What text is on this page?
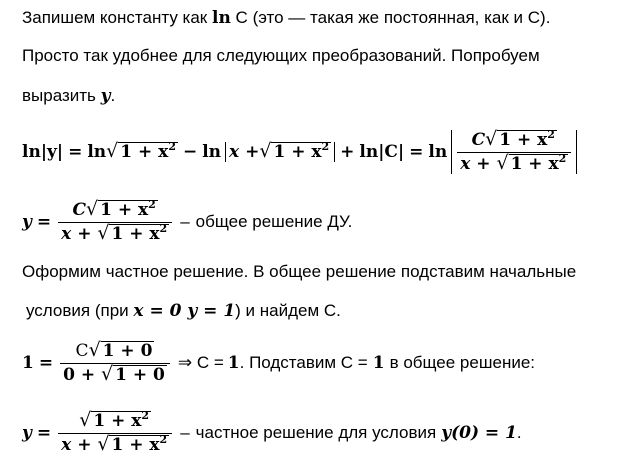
Запишем константу как ln C (это — такая же постоянная, как и С).
Просто так удобнее для следующих преобразований. Попробуем
выразить y.
ln|y| = ln √ $1 + x^2 - \ln x$ + √ $1 + x^2 + \ln|C| = \ln \frac{C √ 1 + x^2}{x + √ 1 + x^2}$
$y = \frac{C √ 1 + x^2}{x + √ 1 + x^2}$ – общее решение ДУ.
Оформим частное решение. В общее решение подставим начальные
условия (при x = 0 y = 1) и найдем С.
$1 = \frac{C √ 1 + 0}{0 + √ 1 + 0}$ ⇒ C = 1 . Подставим С = 1 в общее решение:
$y = \frac{√ 1 + x^2}{x + √ 1 + x^2}$ – частное решение для условия y(0) = 1 .
